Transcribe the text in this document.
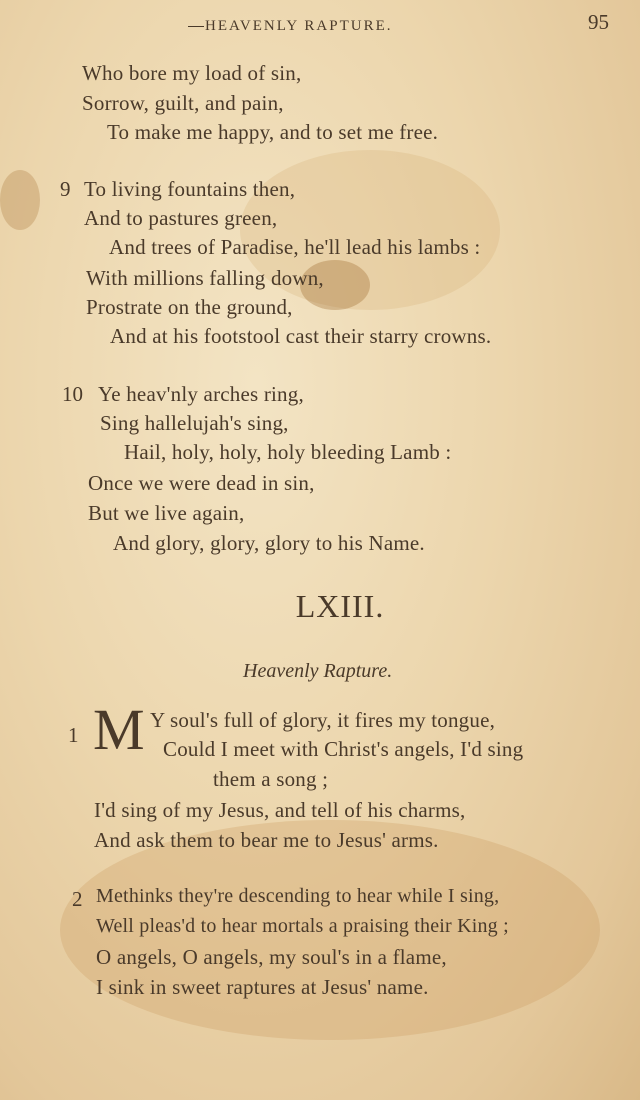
HEAVENLY RAPTURE.	95
Who bore my load of sin,
Sorrow, guilt, and pain,
To make me happy, and to set me free.
9 To living fountains then,
And to pastures green,
And trees of Paradise, he'll lead his lambs :
With millions falling down,
Prostrate on the ground,
And at his footstool cast their starry crowns.
10 Ye heav'nly arches ring,
Sing hallelujah's sing,
Hail, holy, holy, holy bleeding Lamb :
Once we were dead in sin,
But we live again,
And glory, glory, glory to his Name.
LXIII.
Heavenly Rapture.
1 M Y soul's full of glory, it fires my tongue,
Could I meet with Christ's angels, I'd sing
them a song ;
I'd sing of my Jesus, and tell of his charms,
And ask them to bear me to Jesus' arms.
2 Methinks they're descending to hear while I sing,
Well pleas'd to hear mortals a praising their King ;
O angels, O angels, my soul's in a flame,
I sink in sweet raptures at Jesus' name.
